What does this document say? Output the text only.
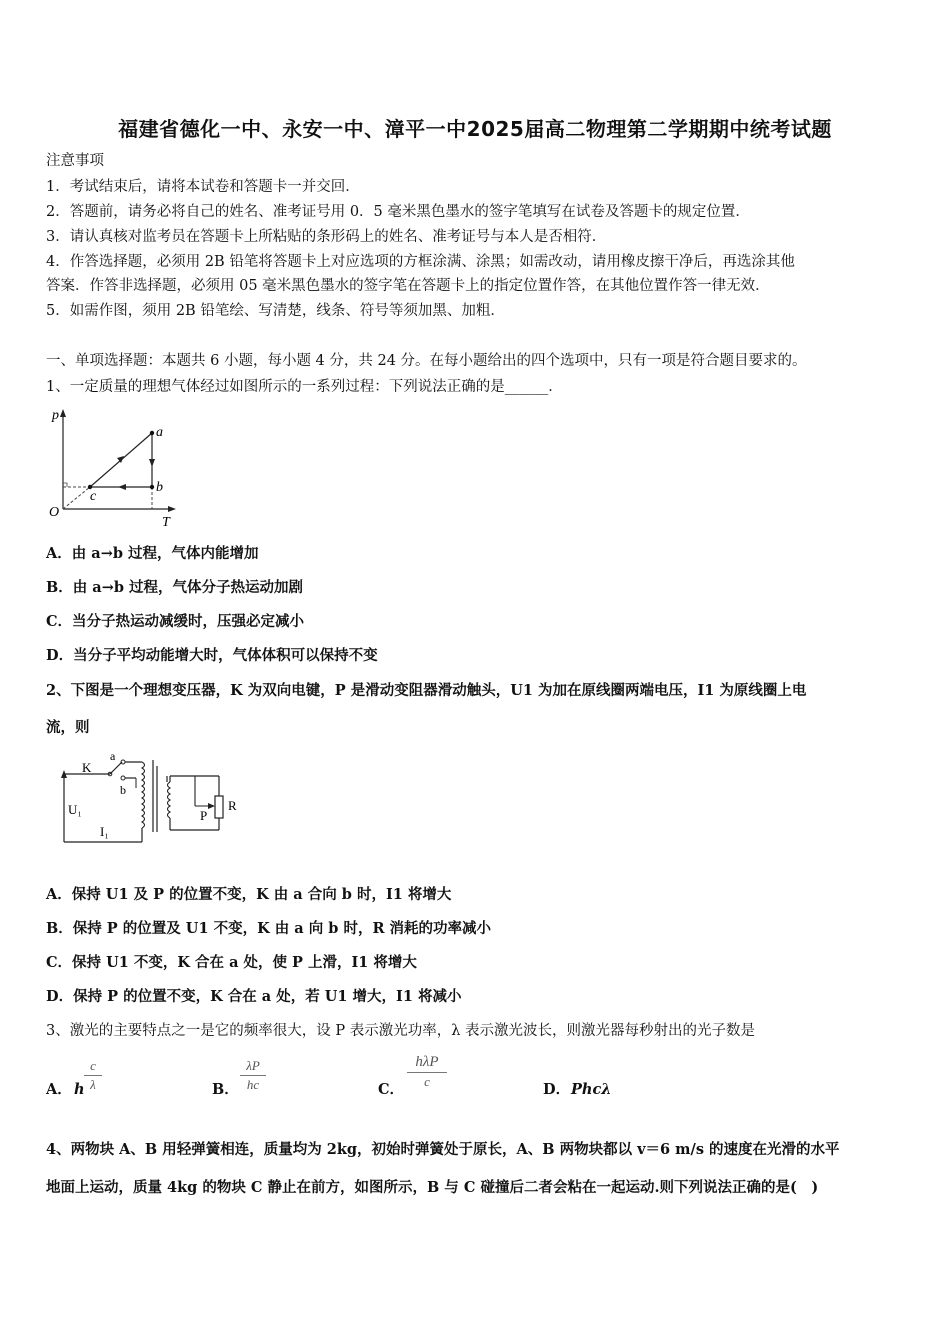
福建省德化一中、永安一中、漳平一中2025届高二物理第二学期期中统考试题
注意事项
1．考试结束后，请将本试卷和答题卡一并交回．
2．答题前，请务必将自己的姓名、准考证号用 0．5 毫米黑色墨水的签字笔填写在试卷及答题卡的规定位置．
3．请认真核对监考员在答题卡上所粘贴的条形码上的姓名、准考证号与本人是否相符．
4．作答选择题，必须用 2B 铅笔将答题卡上对应选项的方框涂满、涂黑；如需改动，请用橡皮擦干净后，再选涂其他
答案．作答非选择题，必须用 05 毫米黑色墨水的签字笔在答题卡上的指定位置作答，在其他位置作答一律无效．
5．如需作图，须用 2B 铅笔绘、写清楚，线条、符号等须加黑、加粗．
一、单项选择题：本题共 6 小题，每小题 4 分，共 24 分。在每小题给出的四个选项中，只有一项是符合题目要求的。
1、一定质量的理想气体经过如图所示的一系列过程：下列说法正确的是______．
p
T
O
a
b
c
A．由 a→b 过程，气体内能增加
B．由 a→b 过程，气体分子热运动加剧
C．当分子热运动减缓时，压强必定减小
D．当分子平均动能增大时，气体体积可以保持不变
2、下图是一个理想变压器，K 为双向电键，P 是滑动变阻器滑动触头，U1 为加在原线圈两端电压，I1 为原线圈上电
流，则
K
a
b
U₁
I₁
P
R
A．保持 U1 及 P 的位置不变，K 由 a 合向 b 时，I1 将增大
B．保持 P 的位置及 U1 不变，K 由 a 向 b 时，R 消耗的功率减小
C．保持 U1 不变，K 合在 a 处，使 P 上滑，I1 将增大
D．保持 P 的位置不变，K 合在 a 处，若 U1 增大，I1 将减小
3、激光的主要特点之一是它的频率很大，设 P 表示激光功率，λ 表示激光波长，则激光器每秒射出的光子数是
A． h $\frac{c}{\lambda}$	B． $\frac{\lambda P}{hc}$	C．
hλP
c	D． Phcλ
4、两物块 A、B 用轻弹簧相连，质量均为 2kg，初始时弹簧处于原长，A、B 两物块都以 v＝6 m/s 的速度在光滑的水平
地面上运动，质量 4kg 的物块 C 静止在前方，如图所示，B 与 C 碰撞后二者会粘在一起运动.则下列说法正确的是(　)
